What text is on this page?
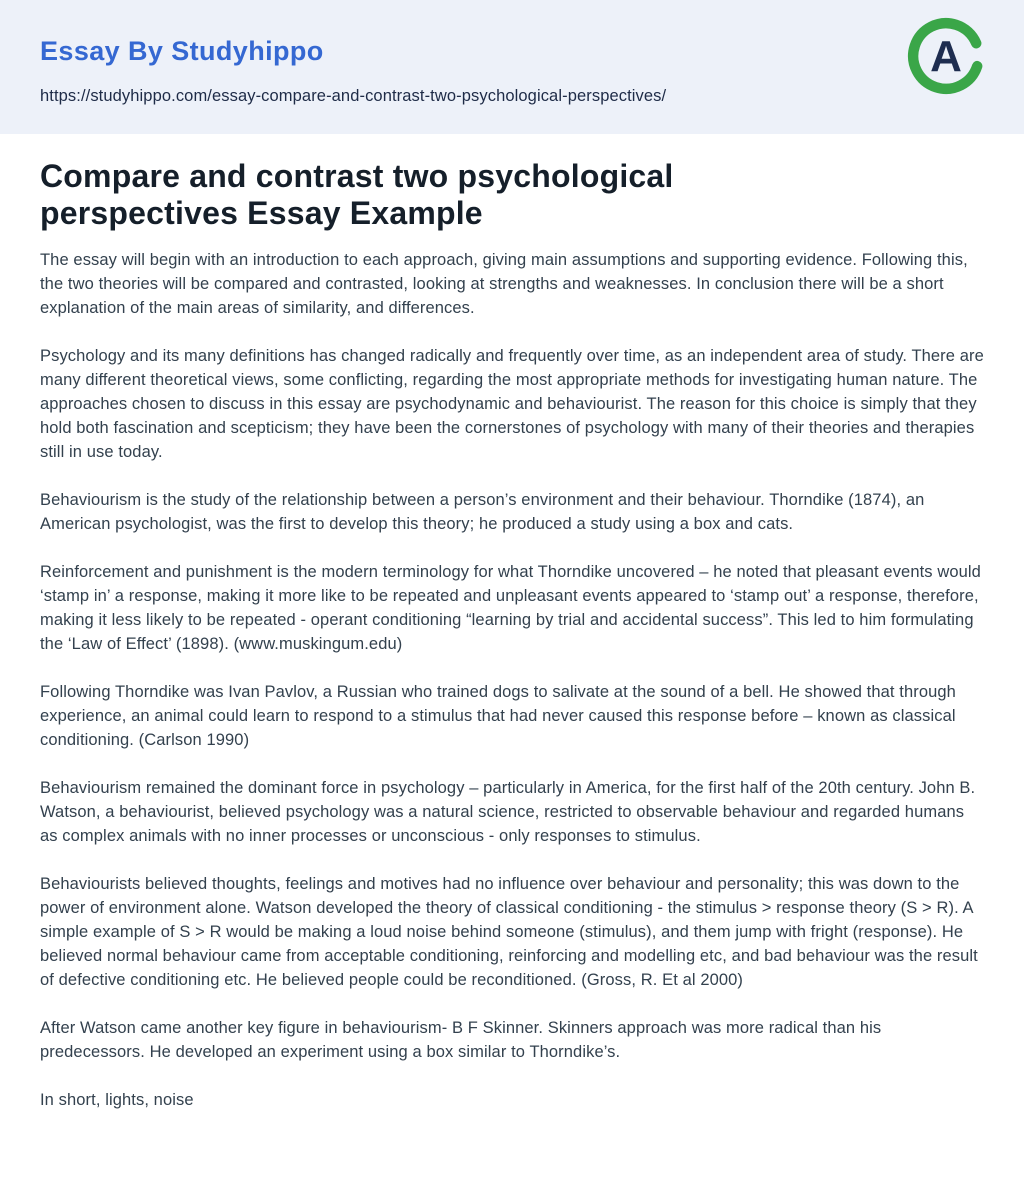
Essay By Studyhippo
https://studyhippo.com/essay-compare-and-contrast-two-psychological-perspectives/
A
Compare and contrast two psychological perspectives Essay Example

The essay will begin with an introduction to each approach, giving main assumptions and supporting evidence. Following this, the two theories will be compared and contrasted, looking at strengths and weaknesses. In conclusion there will be a short explanation of the main areas of similarity, and differences.

Psychology and its many definitions has changed radically and frequently over time, as an independent area of study. There are many different theoretical views, some conflicting, regarding the most appropriate methods for investigating human nature. The approaches chosen to discuss in this essay are psychodynamic and behaviourist. The reason for this choice is simply that they hold both fascination and scepticism; they have been the cornerstones of psychology with many of their theories and therapies still in use today.

Behaviourism is the study of the relationship between a person’s environment and their behaviour. Thorndike (1874), an American psychologist, was the first to develop this theory; he produced a study using a box and cats.

Reinforcement and punishment is the modern terminology for what Thorndike uncovered – he noted that pleasant events would ‘stamp in’ a response, making it more like to be repeated and unpleasant events appeared to ‘stamp out’ a response, therefore, making it less likely to be repeated - operant conditioning “learning by trial and accidental success”. This led to him formulating the ‘Law of Effect’ (1898). (www.muskingum.edu)

Following Thorndike was Ivan Pavlov, a Russian who trained dogs to salivate at the sound of a bell. He showed that through experience, an animal could learn to respond to a stimulus that had never caused this response before – known as classical conditioning. (Carlson 1990)

Behaviourism remained the dominant force in psychology – particularly in America, for the first half of the 20th century. John B. Watson, a behaviourist, believed psychology was a natural science, restricted to observable behaviour and regarded humans as complex animals with no inner processes or unconscious - only responses to stimulus.

Behaviourists believed thoughts, feelings and motives had no influence over behaviour and personality; this was down to the power of environment alone. Watson developed the theory of classical conditioning - the stimulus > response theory (S > R). A simple example of S > R would be making a loud noise behind someone (stimulus), and them jump with fright (response). He believed normal behaviour came from acceptable conditioning, reinforcing and modelling etc, and bad behaviour was the result of defective conditioning etc. He believed people could be reconditioned. (Gross, R. Et al 2000)

After Watson came another key figure in behaviourism- B F Skinner. Skinners approach was more radical than his predecessors. He developed an experiment using a box similar to Thorndike’s.

In short, lights, noise
